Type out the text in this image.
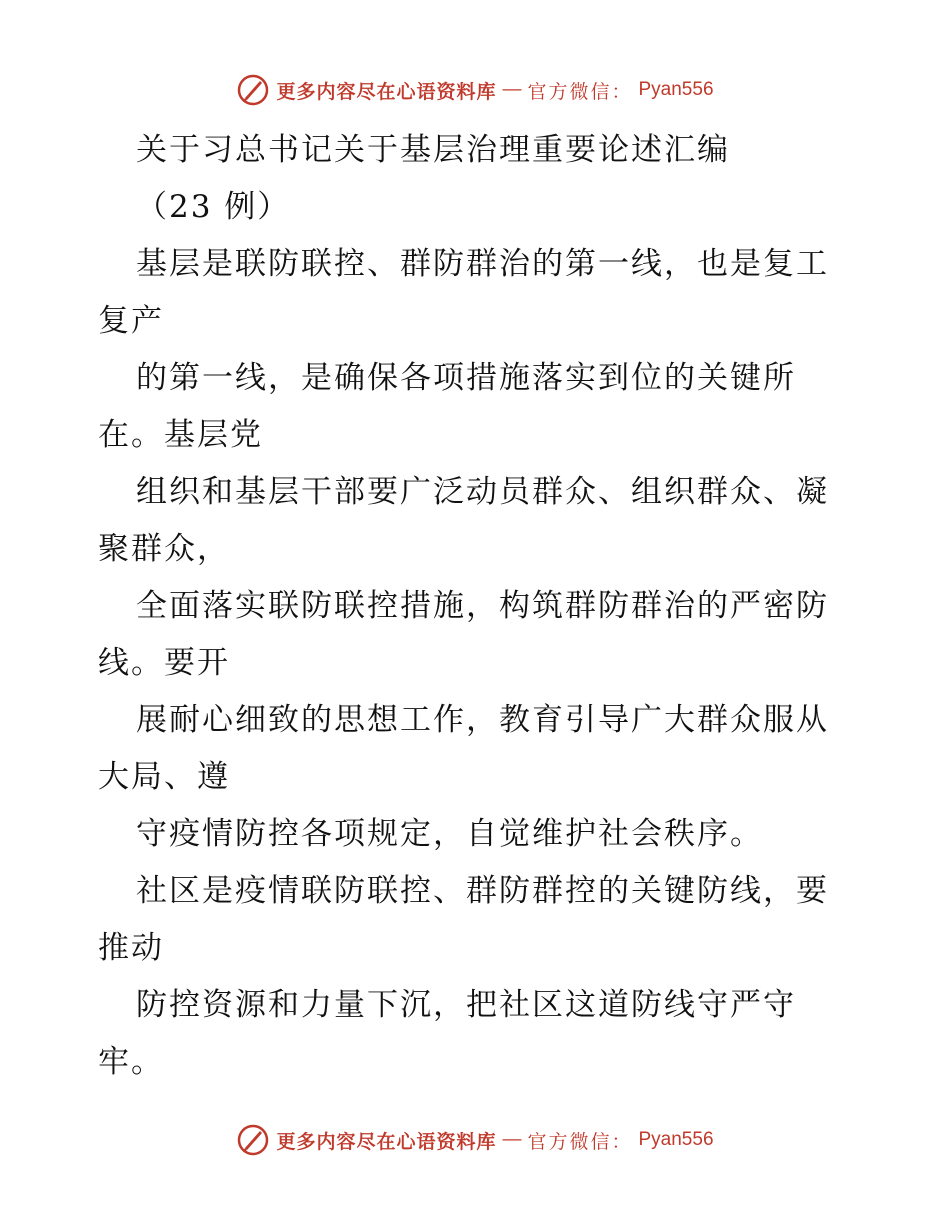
更多内容尽在心语资料库 — 官方微信： Pyan556
关于习总书记关于基层治理重要论述汇编
（23 例）
基层是联防联控、群防群治的第一线，也是复工
复产
的第一线，是确保各项措施落实到位的关键所
在。基层党
组织和基层干部要广泛动员群众、组织群众、凝
聚群众，
全面落实联防联控措施，构筑群防群治的严密防
线。要开
展耐心细致的思想工作，教育引导广大群众服从
大局、遵
守疫情防控各项规定，自觉维护社会秩序。
社区是疫情联防联控、群防群控的关键防线，要
推动
防控资源和力量下沉，把社区这道防线守严守
牢。
更多内容尽在心语资料库 — 官方微信： Pyan556
